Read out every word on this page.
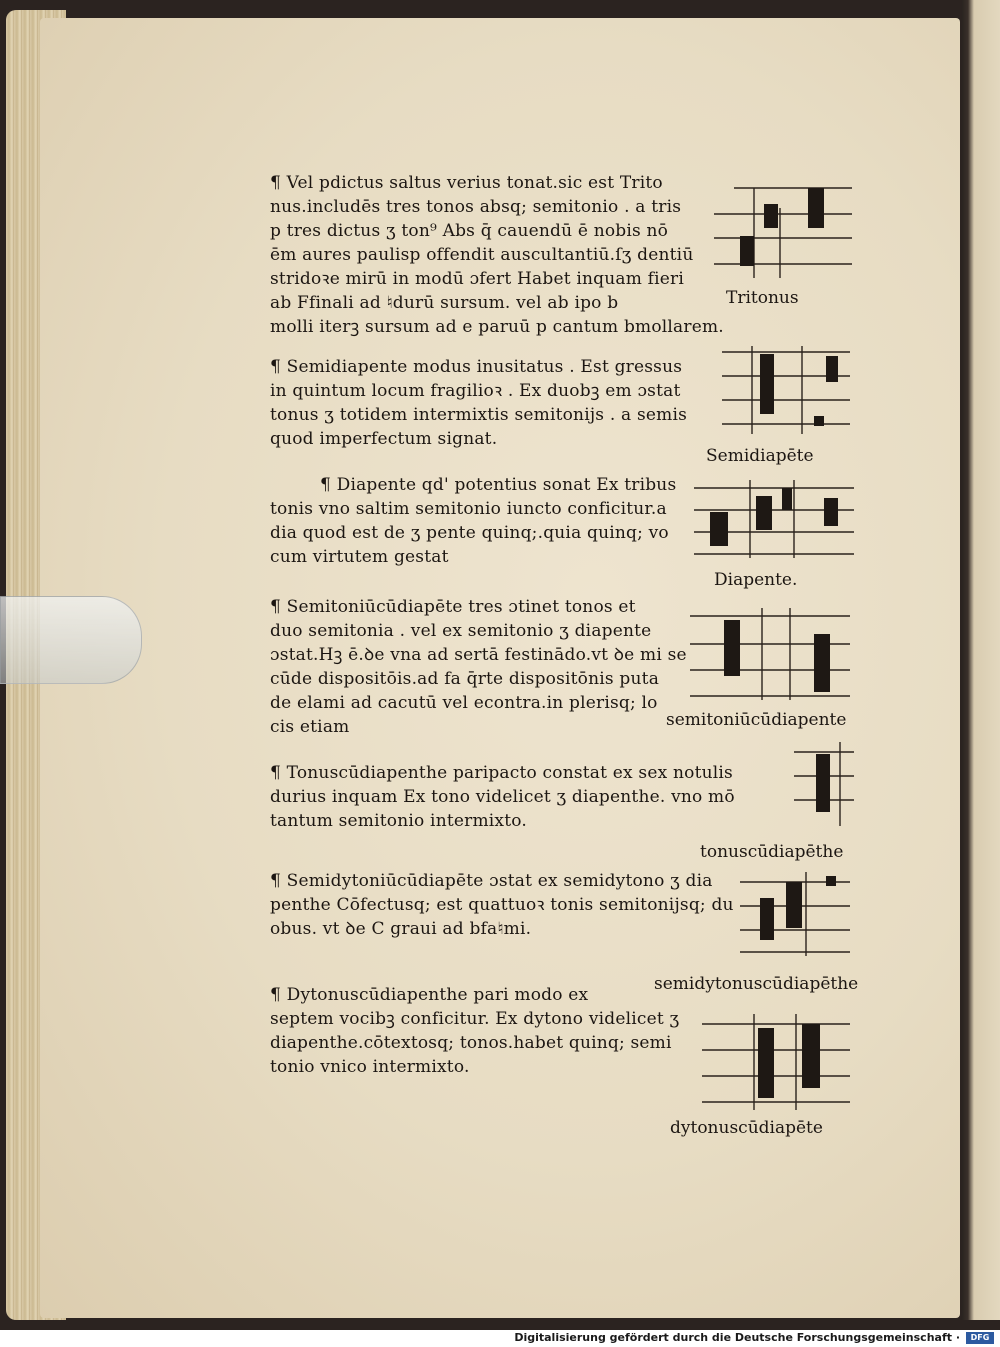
¶ Vel pdictus saltus verius tonat.sic est Trito

nus.includēs tres tonos absq; semitonio . a tris

p tres dictus ʒ ton⁹ Abs q̄ cauendū ē nobis nō

ēm aures paulisp offendit auscultantiū.ſʒ dentiū

stridoꝛe mirū in modū ɔfert Habet inquam fieri

ab Ffinali ad ♮durū sursum. vel ab ipo b

molli iterꝫ sursum ad e paruū p cantum bmollarem.

Tritonus

¶ Semidiapente modus inusitatus . Est gressus

in quintum locum fragilioꝛ . Ex duobꝫ em ɔstat

tonus ʒ totidem intermixtis semitonijs . a semis

quod imperfectum signat.

Semidiapēte

¶ Diapente qd' potentius sonat Ex tribus

tonis vno saltim semitonio iuncto conficitur.a

dia quod est de ʒ pente quinq;.quia quinq; vo

cum virtutem gestat

Diapente.

¶ Semitoniūcūdiapēte tres ɔtinet tonos et

duo semitonia . vel ex semitonio ʒ diapente

ɔstat.Hꝫ ē.ꝺe vna ad sertā festinādo.vt ꝺe mi se

cūde dispositōis.ad fa q̄rte dispositōnis puta

de elami ad cacutū vel econtra.in plerisq; lo

cis etiam	semitoniūcūdiapente

¶ Tonuscūdiapenthe paripacto constat ex sex notulis

durius inquam Ex tono videlicet ʒ diapenthe. vno mō

tantum semitonio intermixto.

tonuscūdiapēthe

¶ Semidytoniūcūdiapēte ɔstat ex semidytono ʒ dia

penthe Cōfectusq; est quattuoꝛ tonis semitonijsq; du

obus. vt ꝺe C graui ad bfa♮mi.

semidytonuscūdiapēthe

¶ Dytonuscūdiapenthe pari modo ex

septem vocibꝫ conficitur. Ex dytono videlicet ʒ

diapenthe.cōtextosq; tonos.habet quinq; semi

tonio vnico intermixto.

dytonuscūdiapēte

Digitalisierung gefördert durch die Deutsche Forschungsgemeinschaft ·	DFG
